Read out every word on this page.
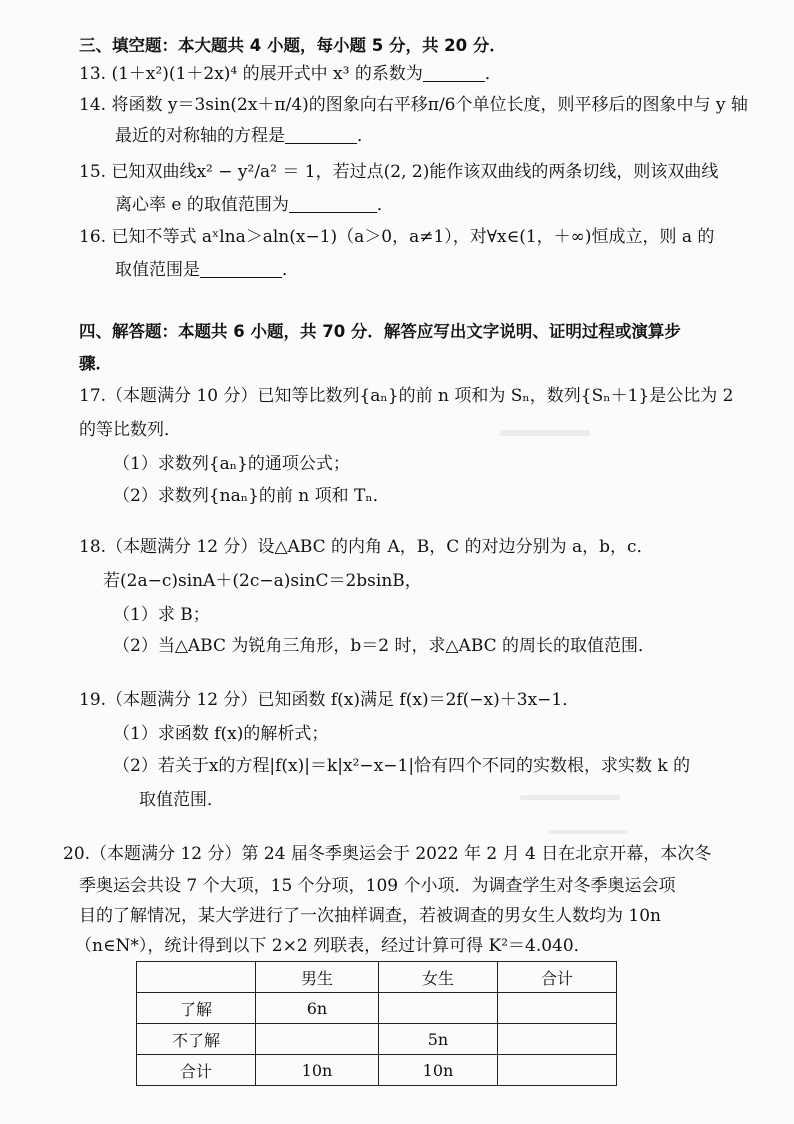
三、填空题：本大题共 4 小题，每小题 5 分，共 20 分．
13. (1＋x²)(1＋2x)⁴ 的展开式中 x³ 的系数为	．
14. 将函数 y＝3sin(2x＋π/4)的图象向右平移π/6个单位长度，则平移后的图象中与 y 轴
最近的对称轴的方程是	．
15. 已知双曲线x² − y²/a² ＝ 1，若过点(2, 2)能作该双曲线的两条切线，则该双曲线
离心率 e 的取值范围为	．
16. 已知不等式 aˣlna＞aln(x−1)（a＞0，a≠1），对∀x∈(1，＋∞)恒成立，则 a 的
取值范围是	．
四、解答题：本题共 6 小题，共 70 分．解答应写出文字说明、证明过程或演算步
骤．
17.（本题满分 10 分）已知等比数列{aₙ}的前 n 项和为 Sₙ，数列{Sₙ＋1}是公比为 2
的等比数列．
（1）求数列{aₙ}的通项公式；
（2）求数列{naₙ}的前 n 项和 Tₙ．
18.（本题满分 12 分）设△ABC 的内角 A，B，C 的对边分别为 a，b，c．
若(2a−c)sinA＋(2c−a)sinC＝2bsinB，
（1）求 B；
（2）当△ABC 为锐角三角形，b＝2 时，求△ABC 的周长的取值范围．
19.（本题满分 12 分）已知函数 f(x)满足 f(x)＝2f(−x)＋3x−1．
（1）求函数 f(x)的解析式；
（2）若关于x的方程|f(x)|＝k|x²−x−1|恰有四个不同的实数根，求实数 k 的
取值范围．
20.（本题满分 12 分）第 24 届冬季奥运会于 2022 年 2 月 4 日在北京开幕，本次冬
季奥运会共设 7 个大项，15 个分项，109 个小项．为调查学生对冬季奥运会项
目的了解情况，某大学进行了一次抽样调查，若被调查的男女生人数均为 10n
（n∈N*），统计得到以下 2×2 列联表，经过计算可得 K²＝4.040．
	男生	女生	合计
了解	6n		
不了解		5n	
合计	10n	10n	
